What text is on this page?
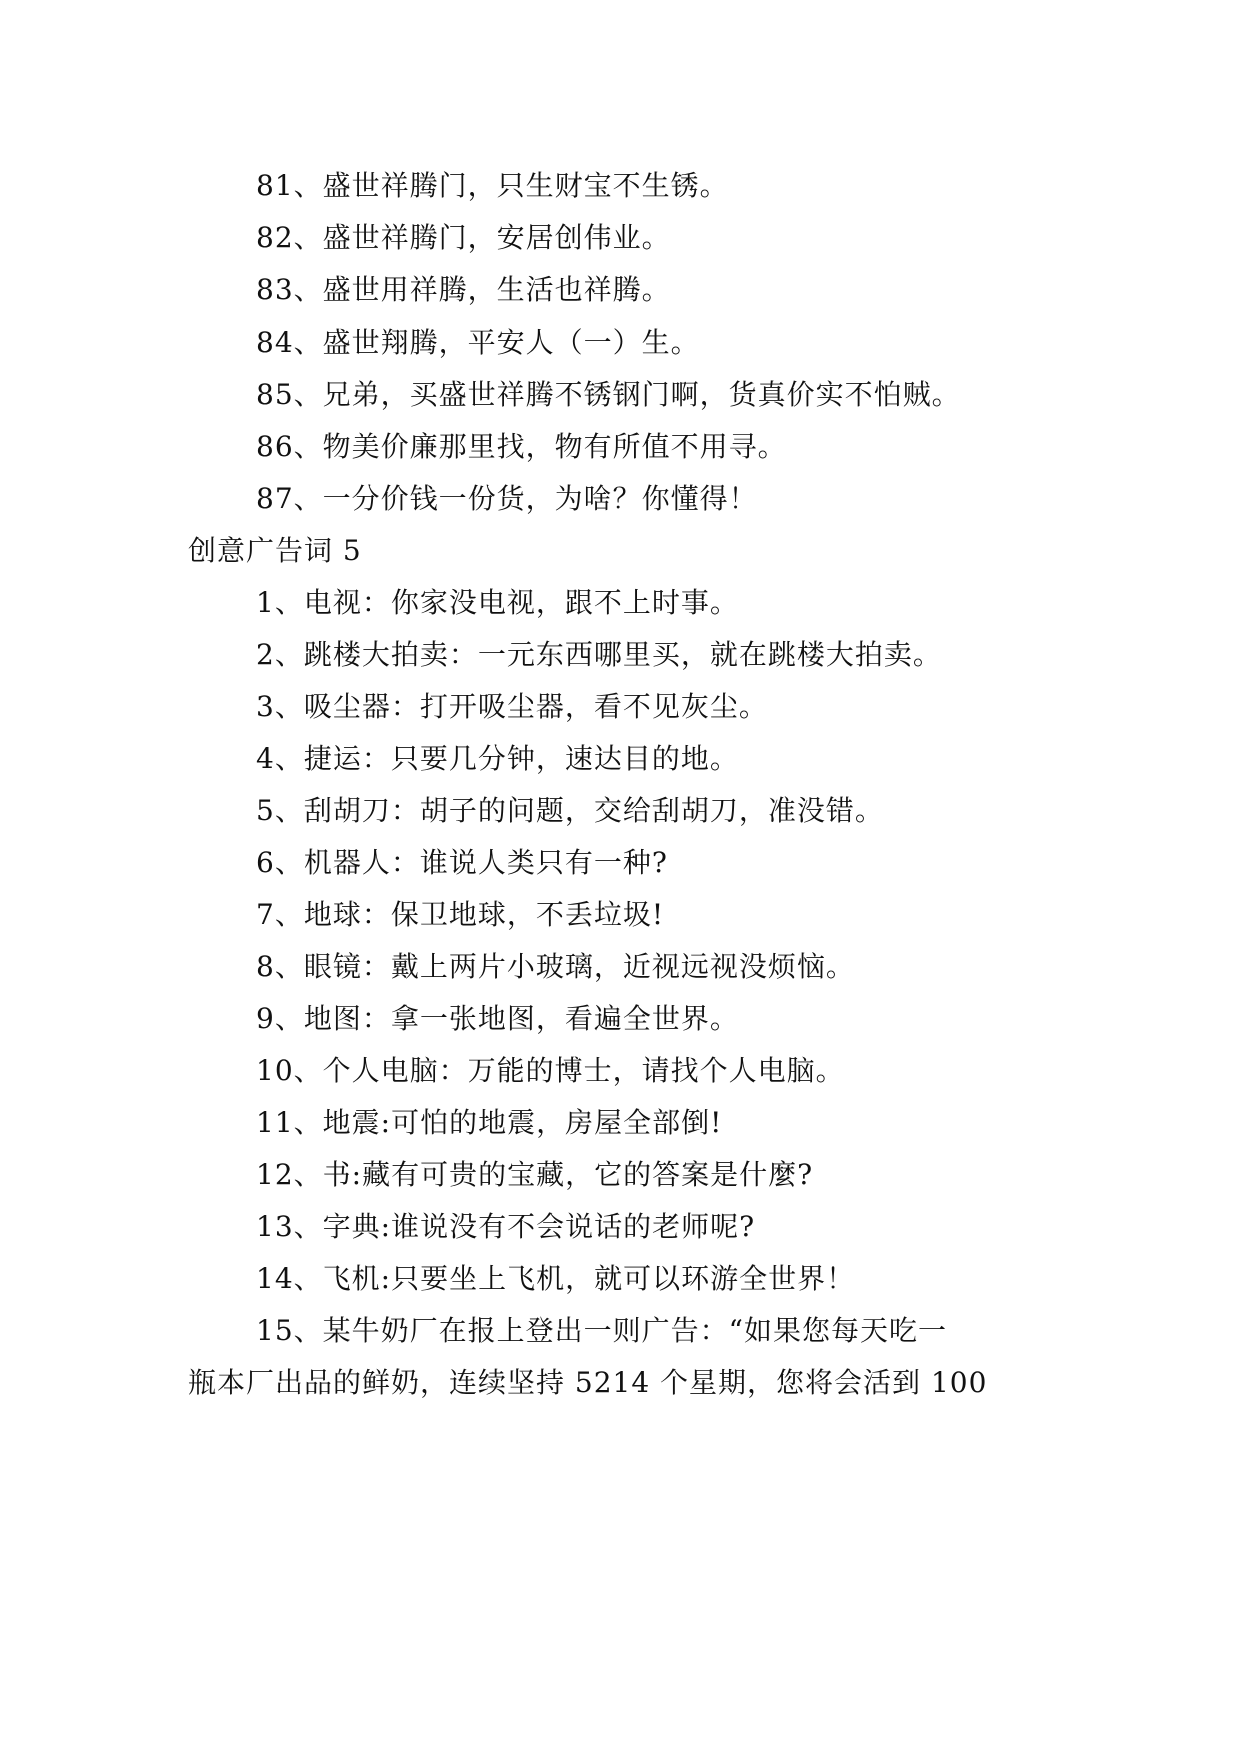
81、盛世祥腾门，只生财宝不生锈。
82、盛世祥腾门，安居创伟业。
83、盛世用祥腾，生活也祥腾。
84、盛世翔腾，平安人（一）生。
85、兄弟，买盛世祥腾不锈钢门啊，货真价实不怕贼。
86、物美价廉那里找，物有所值不用寻。
87、一分价钱一份货，为啥？你懂得！
创意广告词 5
1、电视：你家没电视，跟不上时事。
2、跳楼大拍卖：一元东西哪里买，就在跳楼大拍卖。
3、吸尘器：打开吸尘器，看不见灰尘。
4、捷运：只要几分钟，速达目的地。
5、刮胡刀：胡子的问题，交给刮胡刀，准没错。
6、机器人：谁说人类只有一种?
7、地球：保卫地球，不丢垃圾!
8、眼镜：戴上两片小玻璃，近视远视没烦恼。
9、地图：拿一张地图，看遍全世界。
10、个人电脑：万能的博士，请找个人电脑。
11、地震:可怕的地震，房屋全部倒!
12、书:藏有可贵的宝藏，它的答案是什麼?
13、字典:谁说没有不会说话的老师呢?
14、飞机:只要坐上飞机，就可以环游全世界！
15、某牛奶厂在报上登出一则广告：“如果您每天吃一
瓶本厂出品的鲜奶，连续坚持 5214 个星期，您将会活到 100
